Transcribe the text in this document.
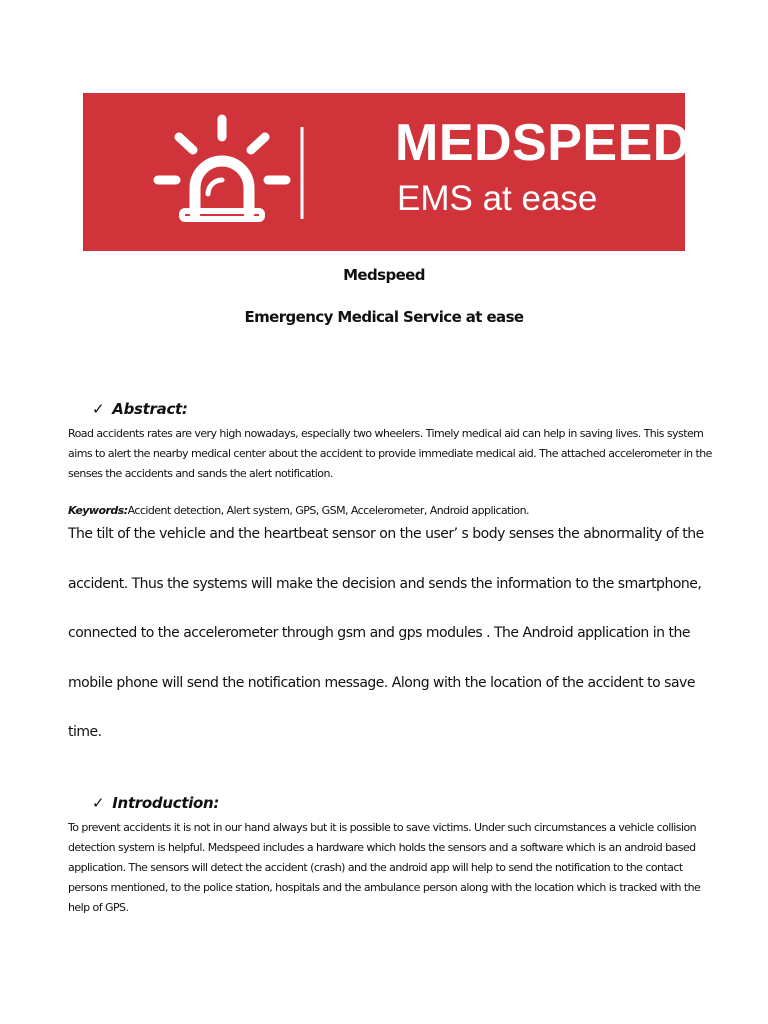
MEDSPEED
EMS at ease
Medspeed
Emergency Medical Service at ease
✓ Abstract:
Road accidents rates are very high nowadays, especially two wheelers. Timely medical aid can help in saving lives. This system aims to alert the nearby medical center about the accident to provide immediate medical aid. The attached accelerometer in the senses the accidents and sands the alert notification.
Keywords:Accident detection, Alert system, GPS, GSM, Accelerometer, Android application.
The tilt of the vehicle and the heartbeat sensor on the user’ s body senses the abnormality of the accident. Thus the systems will make the decision and sends the information to the smartphone, connected to the accelerometer through gsm and gps modules . The Android application in the mobile phone will send the notification message. Along with the location of the accident to save time.
✓ Introduction:
To prevent accidents it is not in our hand always but it is possible to save victims. Under such circumstances a vehicle collision detection system is helpful. Medspeed includes a hardware which holds the sensors and a software which is an android based application. The sensors will detect the accident (crash) and the android app will help to send the notification to the contact persons mentioned, to the police station, hospitals and the ambulance person along with the location which is tracked with the help of GPS.
